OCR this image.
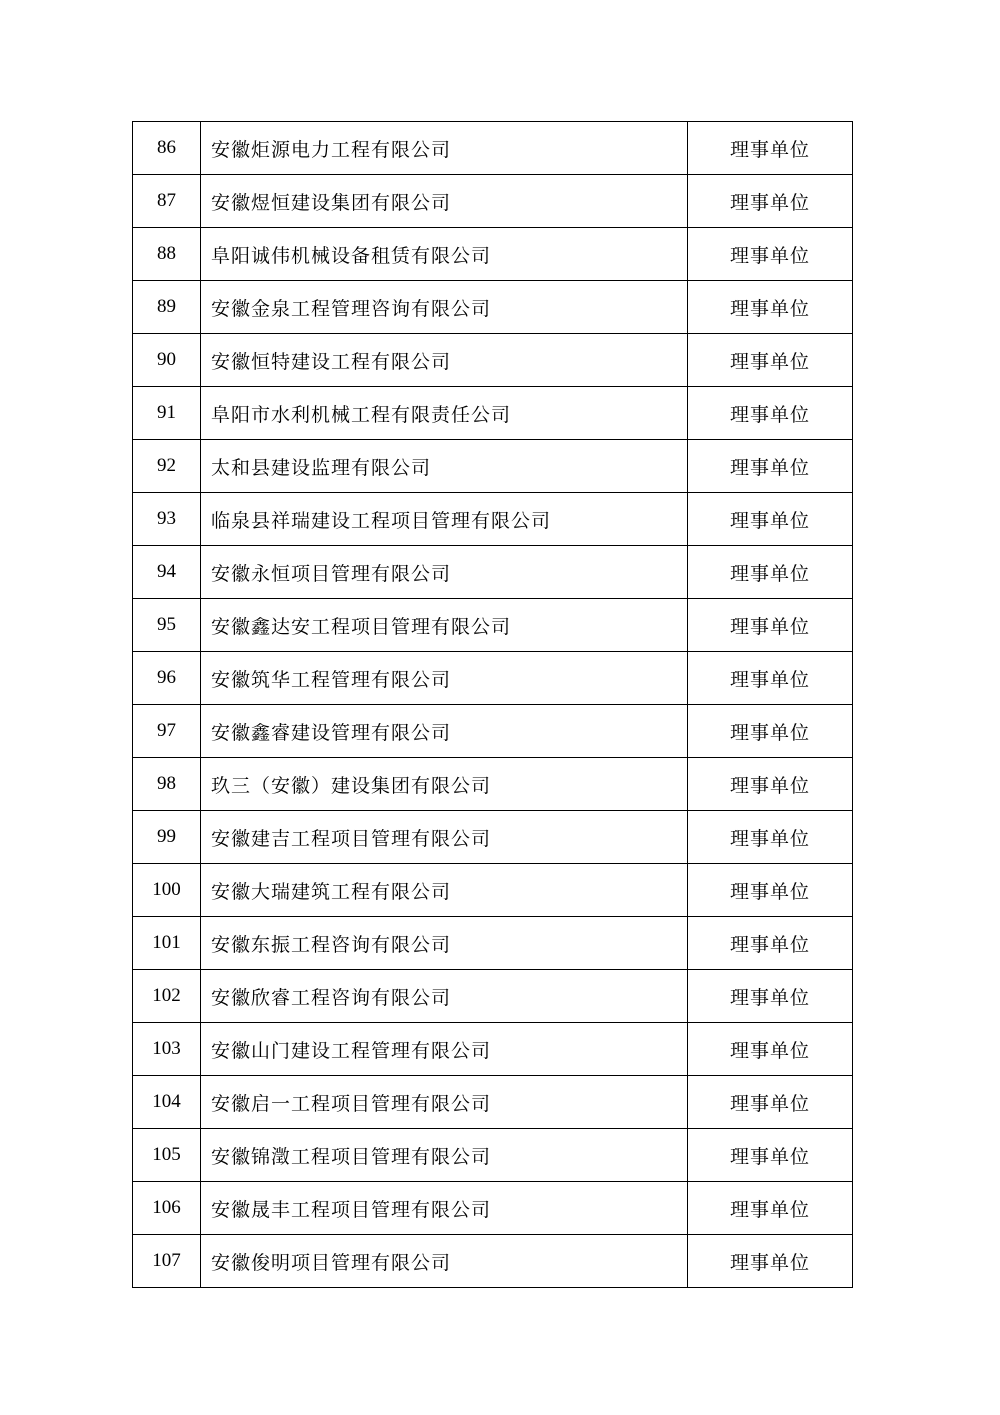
86	安徽炬源电力工程有限公司	理事单位
87	安徽煜恒建设集团有限公司	理事单位
88	阜阳诚伟机械设备租赁有限公司	理事单位
89	安徽金泉工程管理咨询有限公司	理事单位
90	安徽恒特建设工程有限公司	理事单位
91	阜阳市水利机械工程有限责任公司	理事单位
92	太和县建设监理有限公司	理事单位
93	临泉县祥瑞建设工程项目管理有限公司	理事单位
94	安徽永恒项目管理有限公司	理事单位
95	安徽鑫达安工程项目管理有限公司	理事单位
96	安徽筑华工程管理有限公司	理事单位
97	安徽鑫睿建设管理有限公司	理事单位
98	玖三（安徽）建设集团有限公司	理事单位
99	安徽建吉工程项目管理有限公司	理事单位
100	安徽大瑞建筑工程有限公司	理事单位
101	安徽东振工程咨询有限公司	理事单位
102	安徽欣睿工程咨询有限公司	理事单位
103	安徽山门建设工程管理有限公司	理事单位
104	安徽启一工程项目管理有限公司	理事单位
105	安徽锦澂工程项目管理有限公司	理事单位
106	安徽晟丰工程项目管理有限公司	理事单位
107	安徽俊明项目管理有限公司	理事单位
